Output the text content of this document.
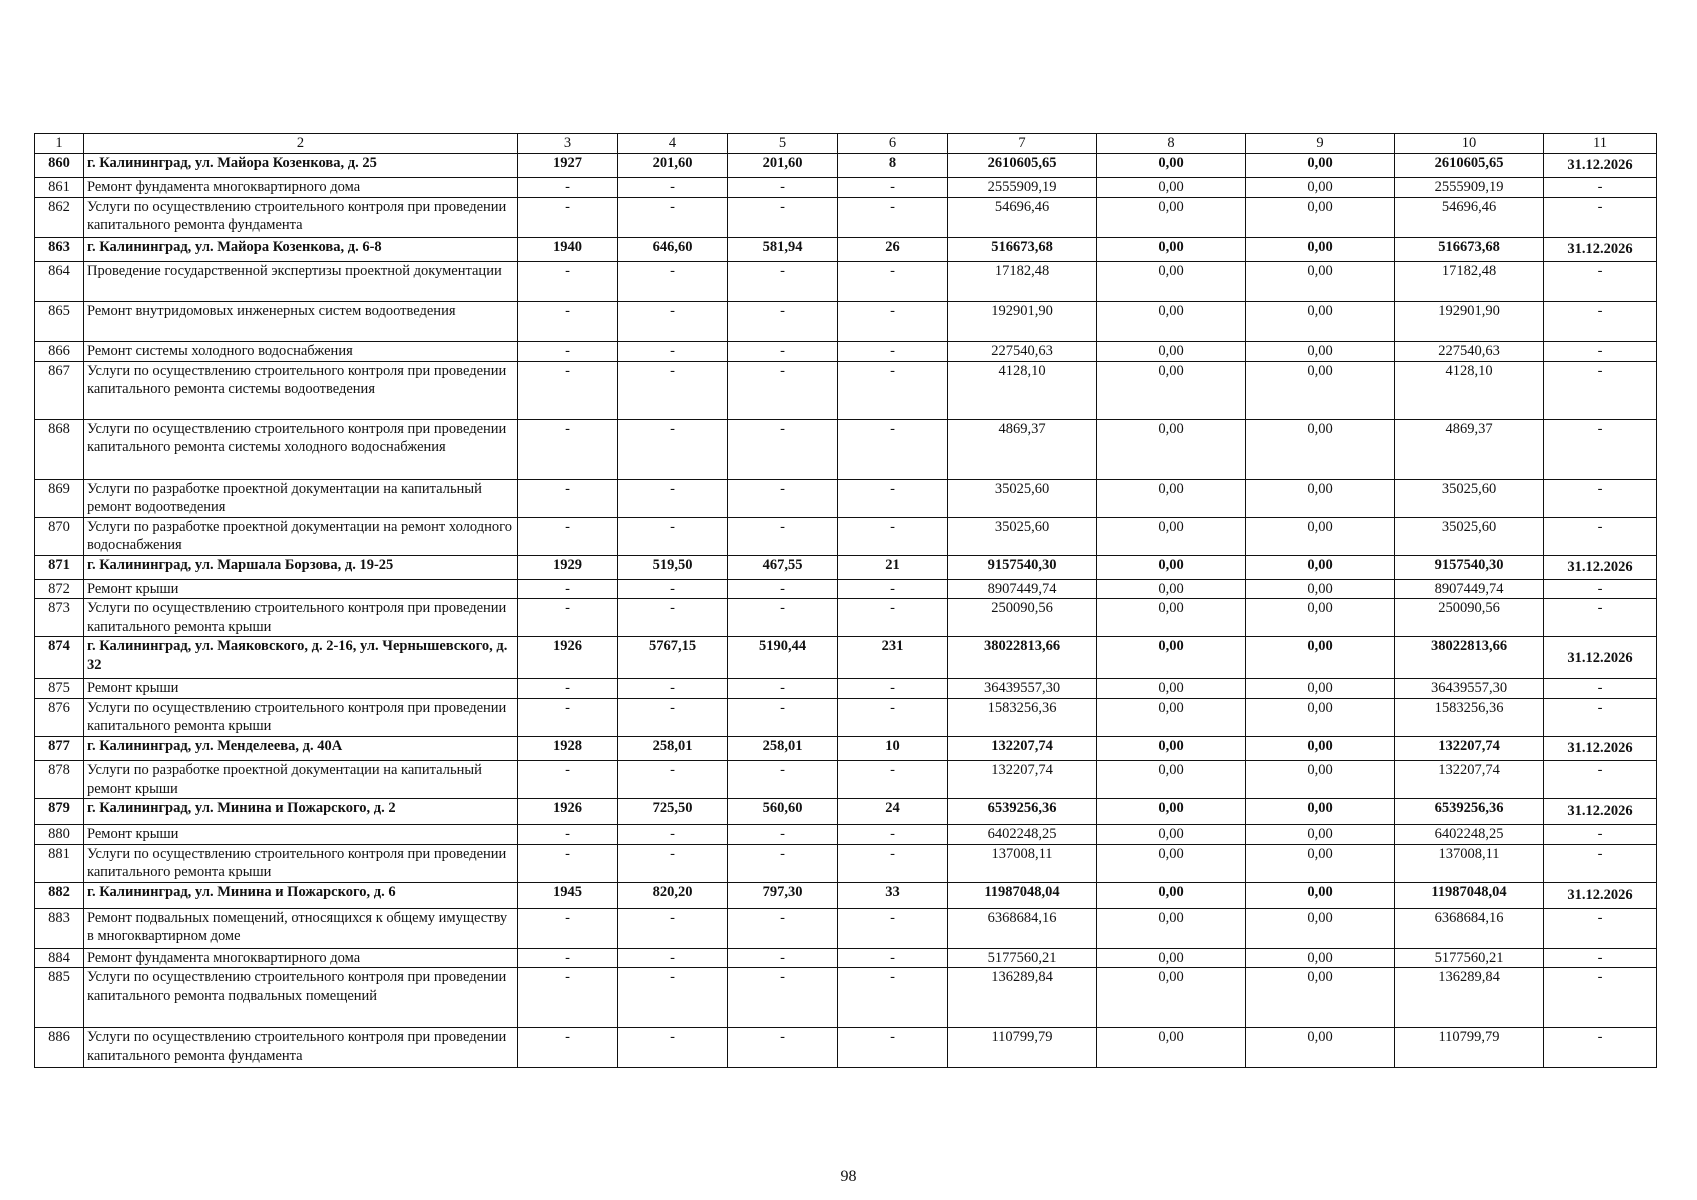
1	2	3	4	5	6	7	8	9	10	11
860	г. Калининград, ул. Майора Козенкова, д. 25	1927	201,60	201,60	8	2610605,65	0,00	0,00	2610605,65	31.12.2026
861	Ремонт фундамента многоквартирного дома	-	-	-	-	2555909,19	0,00	0,00	2555909,19	-
862	Услуги по осуществлению строительного контроля при проведении капитального ремонта фундамента	-	-	-	-	54696,46	0,00	0,00	54696,46	-
863	г. Калининград, ул. Майора Козенкова, д. 6-8	1940	646,60	581,94	26	516673,68	0,00	0,00	516673,68	31.12.2026
864	Проведение государственной экспертизы проектной документации	-	-	-	-	17182,48	0,00	0,00	17182,48	-
865	Ремонт внутридомовых инженерных систем водоотведения	-	-	-	-	192901,90	0,00	0,00	192901,90	-
866	Ремонт системы холодного водоснабжения	-	-	-	-	227540,63	0,00	0,00	227540,63	-
867	Услуги по осуществлению строительного контроля при проведении капитального ремонта системы водоотведения	-	-	-	-	4128,10	0,00	0,00	4128,10	-
868	Услуги по осуществлению строительного контроля при проведении капитального ремонта системы холодного водоснабжения	-	-	-	-	4869,37	0,00	0,00	4869,37	-
869	Услуги по разработке проектной документации на капитальный ремонт водоотведения	-	-	-	-	35025,60	0,00	0,00	35025,60	-
870	Услуги по разработке проектной документации на ремонт холодного водоснабжения	-	-	-	-	35025,60	0,00	0,00	35025,60	-
871	г. Калининград, ул. Маршала Борзова, д. 19-25	1929	519,50	467,55	21	9157540,30	0,00	0,00	9157540,30	31.12.2026
872	Ремонт крыши	-	-	-	-	8907449,74	0,00	0,00	8907449,74	-
873	Услуги по осуществлению строительного контроля при проведении капитального ремонта крыши	-	-	-	-	250090,56	0,00	0,00	250090,56	-
874	г. Калининград, ул. Маяковского, д. 2-16, ул. Чернышевского, д. 32	1926	5767,15	5190,44	231	38022813,66	0,00	0,00	38022813,66	31.12.2026
875	Ремонт крыши	-	-	-	-	36439557,30	0,00	0,00	36439557,30	-
876	Услуги по осуществлению строительного контроля при проведении капитального ремонта крыши	-	-	-	-	1583256,36	0,00	0,00	1583256,36	-
877	г. Калининград, ул. Менделеева, д. 40А	1928	258,01	258,01	10	132207,74	0,00	0,00	132207,74	31.12.2026
878	Услуги по разработке проектной документации на капитальный ремонт крыши	-	-	-	-	132207,74	0,00	0,00	132207,74	-
879	г. Калининград, ул. Минина и Пожарского, д. 2	1926	725,50	560,60	24	6539256,36	0,00	0,00	6539256,36	31.12.2026
880	Ремонт крыши	-	-	-	-	6402248,25	0,00	0,00	6402248,25	-
881	Услуги по осуществлению строительного контроля при проведении капитального ремонта крыши	-	-	-	-	137008,11	0,00	0,00	137008,11	-
882	г. Калининград, ул. Минина и Пожарского, д. 6	1945	820,20	797,30	33	11987048,04	0,00	0,00	11987048,04	31.12.2026
883	Ремонт подвальных помещений, относящихся к общему имуществу в многоквартирном доме	-	-	-	-	6368684,16	0,00	0,00	6368684,16	-
884	Ремонт фундамента многоквартирного дома	-	-	-	-	5177560,21	0,00	0,00	5177560,21	-
885	Услуги по осуществлению строительного контроля при проведении капитального ремонта подвальных помещений	-	-	-	-	136289,84	0,00	0,00	136289,84	-
886	Услуги по осуществлению строительного контроля при проведении капитального ремонта фундамента	-	-	-	-	110799,79	0,00	0,00	110799,79	-
98
